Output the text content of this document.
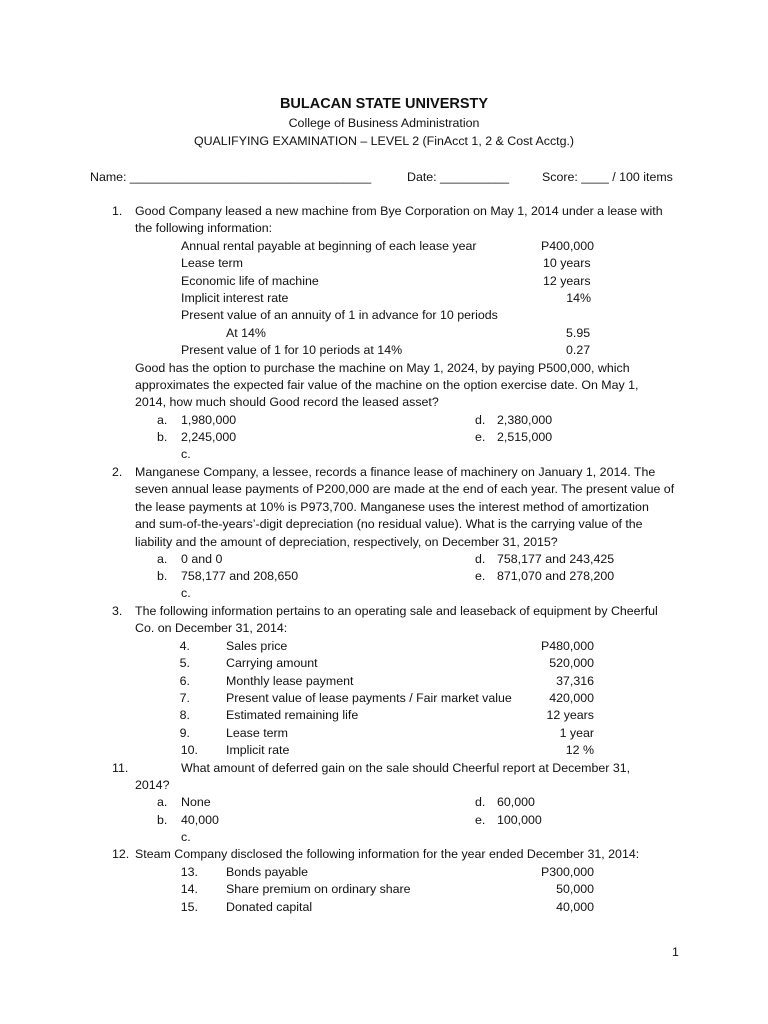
BULACAN STATE UNIVERSTY
College of Business Administration
QUALIFYING EXAMINATION – LEVEL 2 (FinAcct 1, 2 & Cost Acctg.)
Name: ___________________________________	Date: __________	Score: ____ / 100 items
1. Good Company leased a new machine from Bye Corporation on May 1, 2014 under a lease with
the following information:
Annual rental payable at beginning of each lease year	P400,000
Lease term	10 years
Economic life of machine	12 years
Implicit interest rate	14%
Present value of an annuity of 1 in advance for 10 periods
At 14%	5.95
Present value of 1 for 10 periods at 14%	0.27
Good has the option to purchase the machine on May 1, 2024, by paying P500,000, which
approximates the expected fair value of the machine on the option exercise date. On May 1,
2014, how much should Good record the leased asset?
a. 1,980,000	d. 2,380,000
b. 2,245,000	e. 2,515,000
c.
2. Manganese Company, a lessee, records a finance lease of machinery on January 1, 2014. The
seven annual lease payments of P200,000 are made at the end of each year. The present value of
the lease payments at 10% is P973,700. Manganese uses the interest method of amortization
and sum-of-the-years’-digit depreciation (no residual value). What is the carrying value of the
liability and the amount of depreciation, respectively, on December 31, 2015?
a. 0 and 0	d. 758,177 and 243,425
b. 758,177 and 208,650	e. 871,070 and 278,200
c.
3. The following information pertains to an operating sale and leaseback of equipment by Cheerful
Co. on December 31, 2014:
4.	Sales price	P480,000
5.	Carrying amount	520,000
6.	Monthly lease payment	37,316
7.	Present value of lease payments / Fair market value	420,000
8.	Estimated remaining life	12 years
9.	Lease term	1 year
10. Implicit rate	12 %
11.	What amount of deferred gain on the sale should Cheerful report at December 31,
2014?
a. None	d. 60,000
b. 40,000	e. 100,000
c.
12. Steam Company disclosed the following information for the year ended December 31, 2014:
13. Bonds payable	P300,000
14. Share premium on ordinary share	50,000
15. Donated capital	40,000
1
